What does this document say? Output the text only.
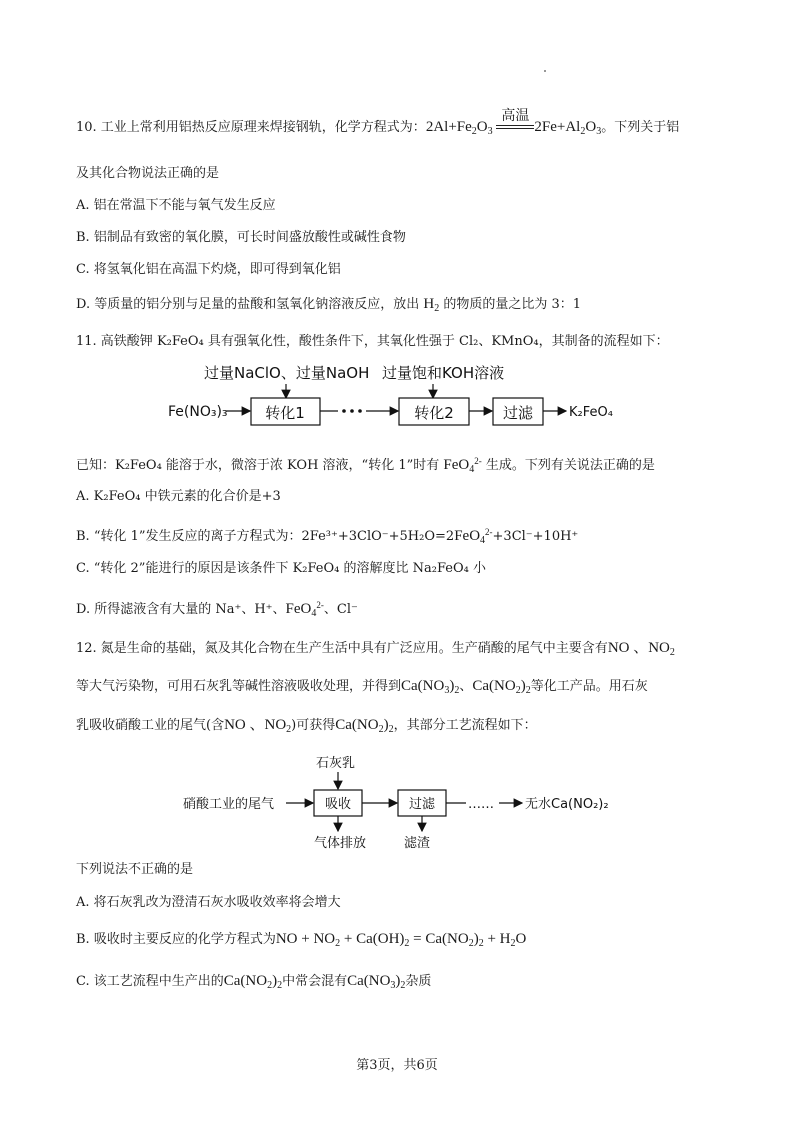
10. 工业上常利用铝热反应原理来焊接钢轨，化学方程式为：$2Al+Fe_2O_3$
高温
$2Fe+Al_2O_3$。下列关于铝
及其化合物说法正确的是
A. 铝在常温下不能与氧气发生反应
B. 铝制品有致密的氧化膜，可长时间盛放酸性或碱性食物
C. 将氢氧化铝在高温下灼烧，即可得到氧化铝
D. 等质量的铝分别与足量的盐酸和氢氧化钠溶液反应，放出 $H_2$ 的物质的量之比为 3：1
11. 高铁酸钾 K₂FeO₄ 具有强氧化性，酸性条件下，其氧化性强于 Cl₂、KMnO₄，其制备的流程如下：
过量NaClO、过量NaOH 过量饱和KOH溶液
Fe(NO₃)₃	转化1	转化2	过滤	K₂FeO₄
已知：K₂FeO₄ 能溶于水，微溶于浓 KOH 溶液，“转化 1”时有 FeO$_4^{2-}$ 生成。下列有关说法正确的是
A. K₂FeO₄ 中铁元素的化合价是+3
B. “转化 1”发生反应的离子方程式为：2Fe³⁺+3ClO⁻+5H₂O=2FeO$_4^{2-}$+3Cl⁻+10H⁺
C. “转化 2”能进行的原因是该条件下 K₂FeO₄ 的溶解度比 Na₂FeO₄ 小
D. 所得滤液含有大量的 Na⁺、H⁺、FeO$_4^{2-}$、Cl⁻
12. 氮是生命的基础，氮及其化合物在生产生活中具有广泛应用。生产硝酸的尾气中主要含有NO 、$NO_2$
等大气污染物，可用石灰乳等碱性溶液吸收处理，并得到$Ca(NO_3)_2$、$Ca(NO_2)_2$等化工产品。用石灰
乳吸收硝酸工业的尾气(含NO 、$NO_2$)可获得$Ca(NO_2)_2$，其部分工艺流程如下：
石灰乳
硝酸工业的尾气	吸收	过滤	…… 无水Ca(NO₂)₂
气体排放	滤渣
下列说法不正确的是
A. 将石灰乳改为澄清石灰水吸收效率将会增大
B. 吸收时主要反应的化学方程式为NO + $NO_2 + Ca(OH)_2 = Ca(NO_2)_2 + H_2O$
C. 该工艺流程中生产出的$Ca(NO_2)_2$中常会混有$Ca(NO_3)_2$杂质
第3页，共6页
